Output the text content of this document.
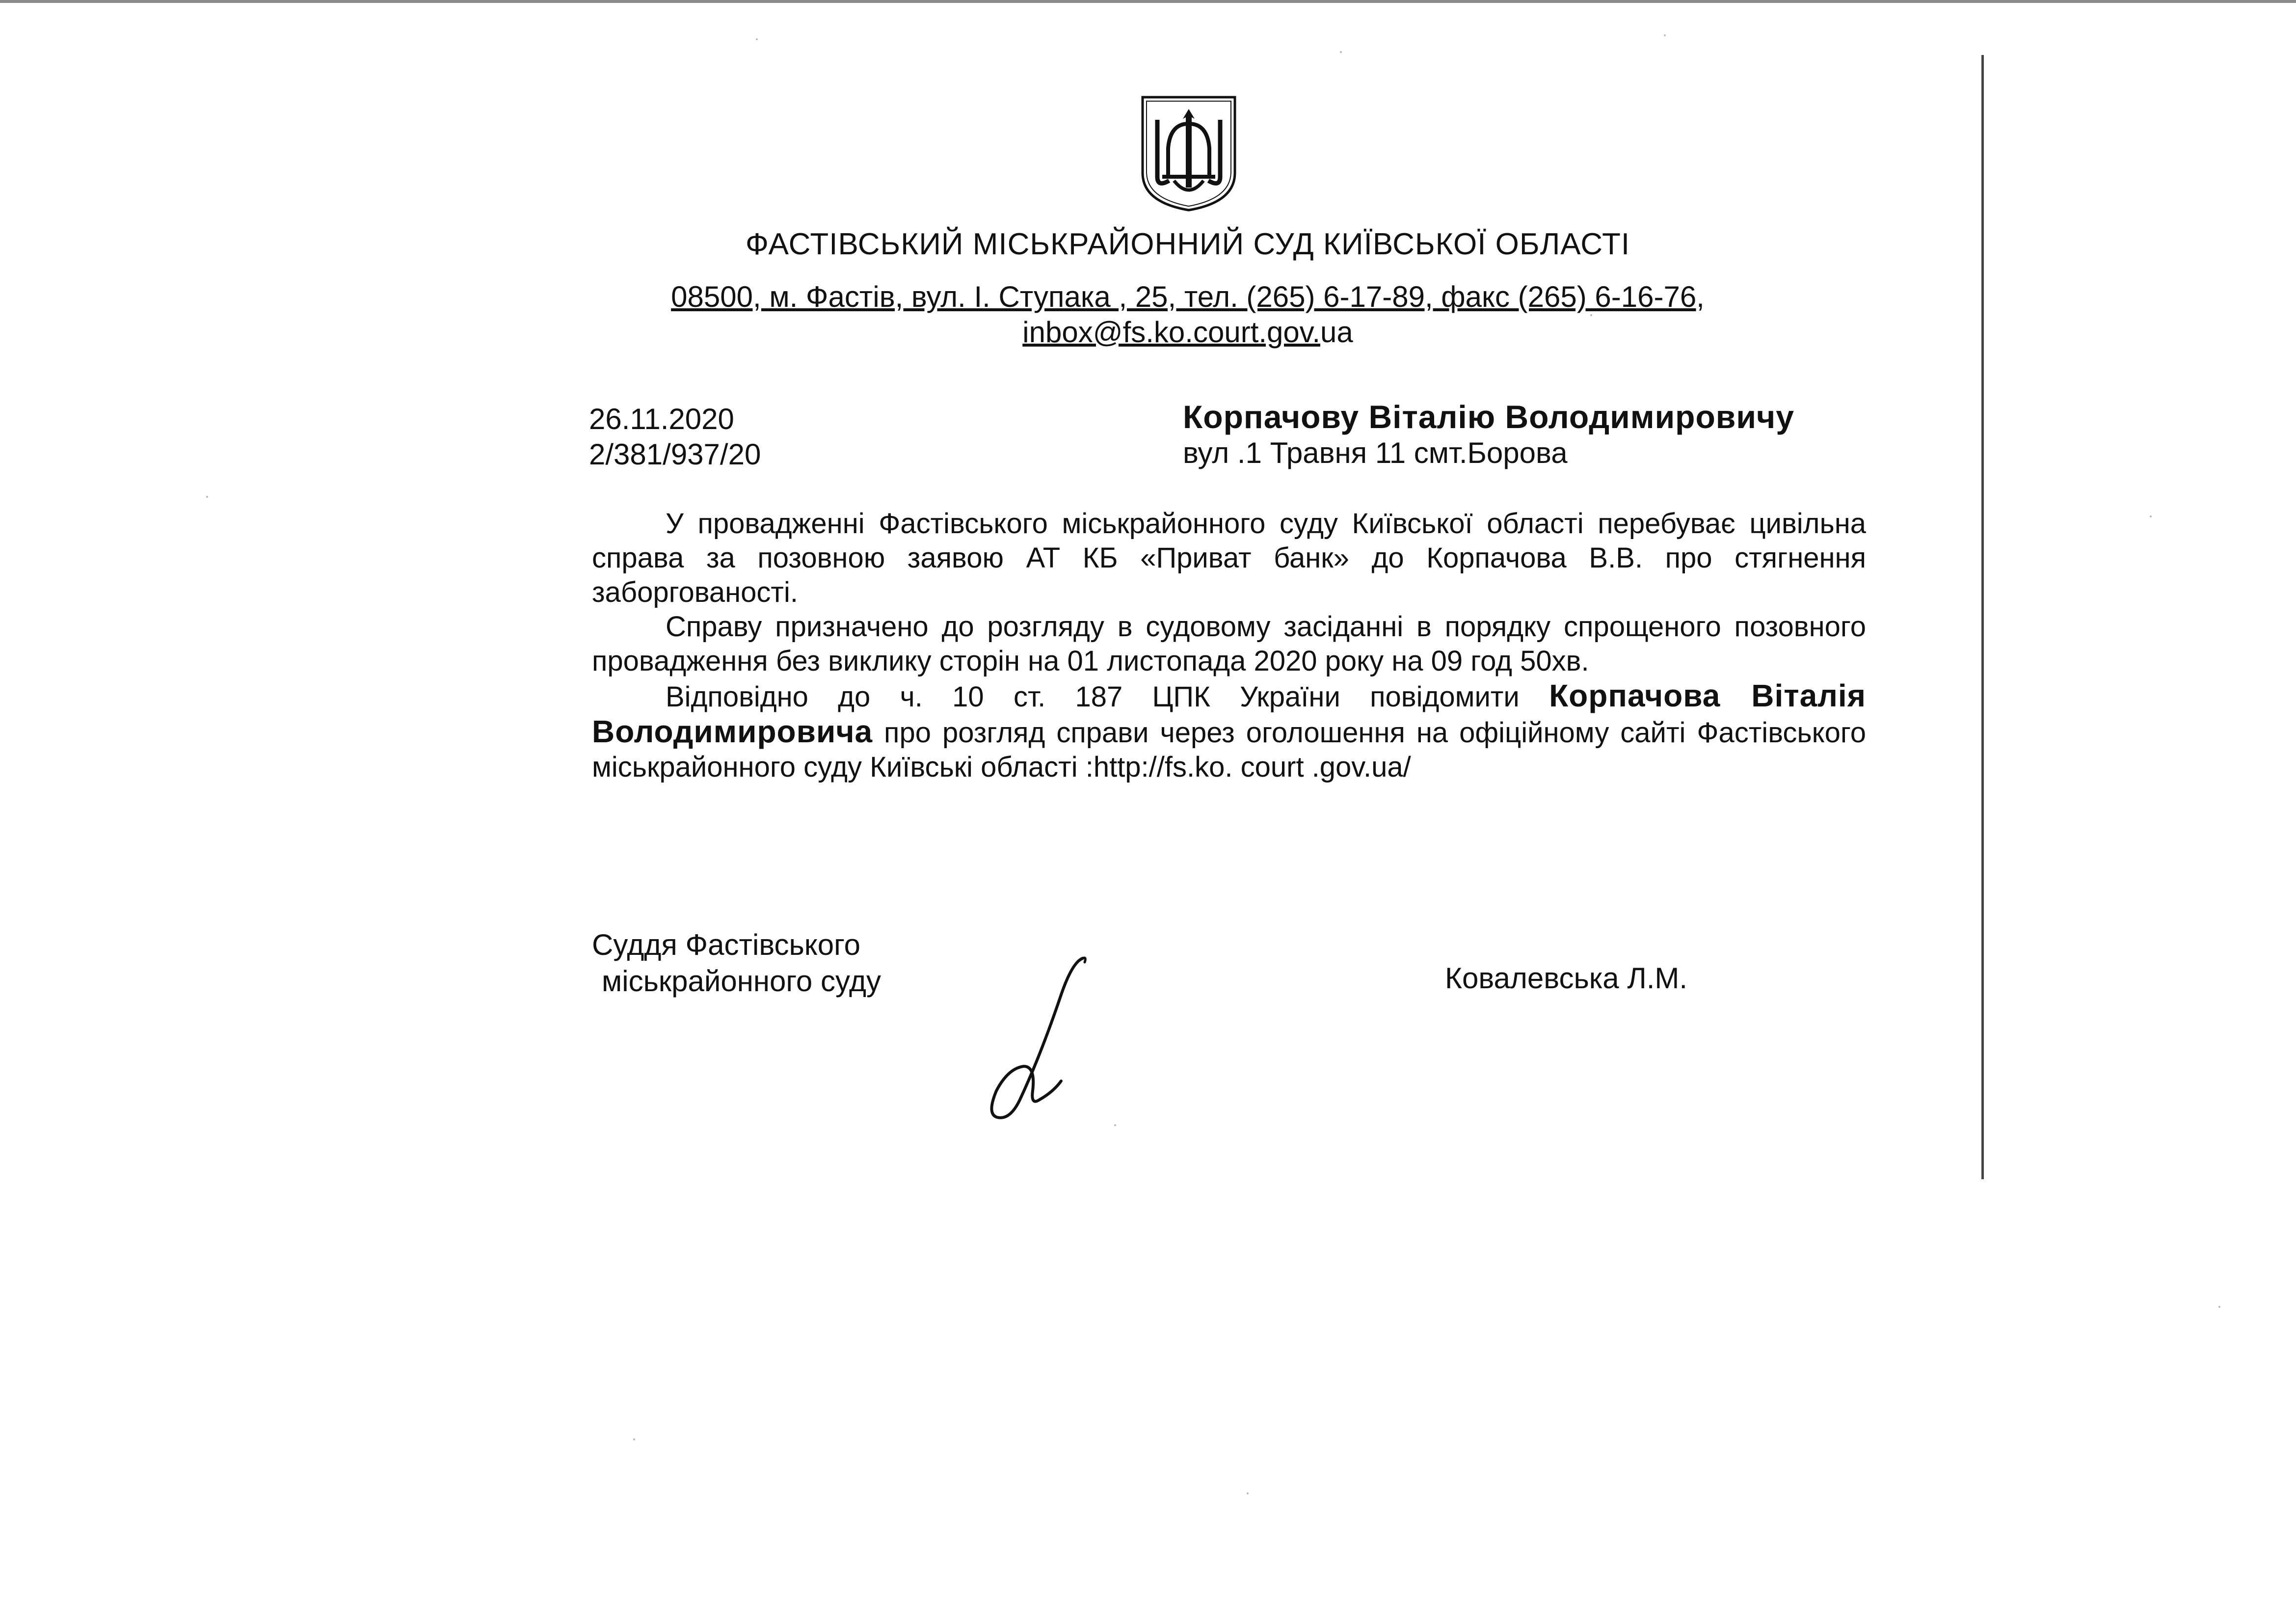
ФАСТІВСЬКИЙ МІСЬКРАЙОННИЙ СУД КИЇВСЬКОЇ ОБЛАСТІ
08500, м. Фастів, вул. І. Ступака , 25, тел. (265) 6-17-89, факс (265) 6-16-76,
inbox@fs.ko.court.gov.ua
26.11.2020
2/381/937/20
Корпачову Віталію Володимировичу
вул .1 Травня 11 смт.Борова

У провадженні Фастівського міськрайонного суду Київської області перебуває цивільна справа за позовною заявою АТ КБ «Приват банк» до Корпачова В.В. про стягнення заборгованості.

Справу призначено до розгляду в судовому засіданні в порядку спрощеного позовного провадження без виклику сторін на 01 листопада 2020 року на 09 год 50хв.

Відповідно до ч. 10 ст. 187 ЦПК України повідомити Корпачова Віталія Володимировича про розгляд справи через оголошення на офіційному сайті Фастівського міськрайонного суду Київські області :http://fs.ko. court .gov.ua/

Суддя Фастівського
міськрайонного суду	Ковалевська Л.М.
